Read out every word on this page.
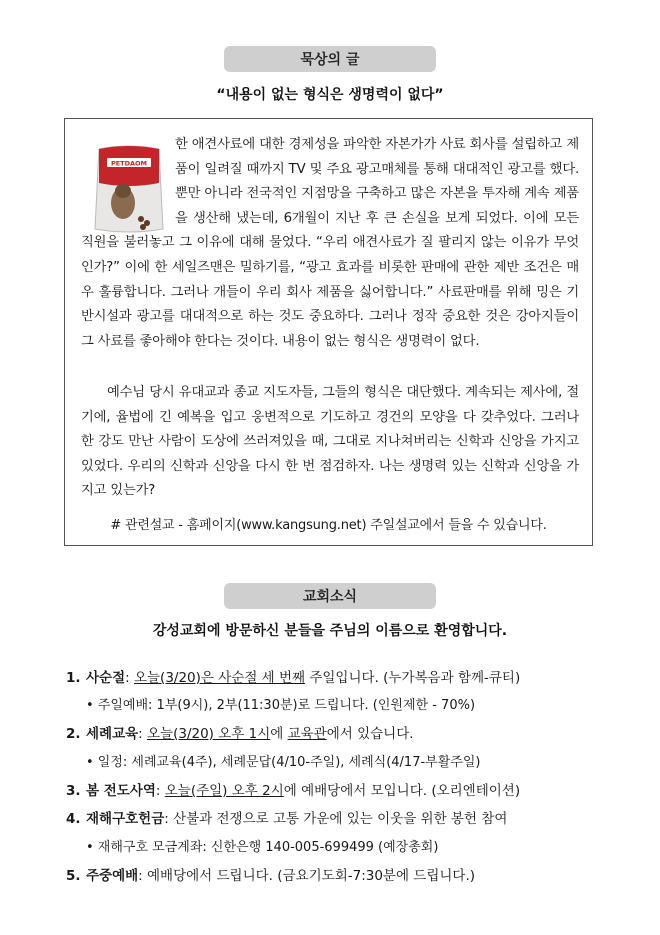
묵상의 글
“내용이 없는 형식은 생명력이 없다”
PETDAOM

한 애견사료에 대한 경제성을 파악한 자본가가 사료 회사를 설립하고 제품이 일려질 때까지 TV 및 주요 광고매체를 통해 대대적인 광고를 했다. 뿐만 아니라 전국적인 지점망을 구축하고 많은 자본을 투자해 계속 제품을 생산해 냈는데, 6개월이 지난 후 큰 손실을 보게 되었다. 이에 모든 직원을 불러놓고 그 이유에 대해 물었다. “우리 애견사료가 질 팔리지 않는 이유가 무엇인가?” 이에 한 세일즈맨은 밀하기를, “광고 효과를 비롯한 판매에 관한 제반 조건은 매우 훌륭합니다. 그러나 개들이 우리 회사 제품을 싫어합니다.” 사료판매를 위해 밍은 기반시설과 광고를 대대적으로 하는 것도 중요하다. 그러나 정작 중요한 것은 강아지들이 그 사료를 좋아해야 한다는 것이다. 내용이 없는 형식은 생명력이 없다.

예수님 당시 유대교과 종교 지도자들, 그들의 형식은 대단했다. 계속되는 제사에, 절기에, 율법에 긴 예복을 입고 웅변적으로 기도하고 경건의 모양을 다 갖추었다. 그러나 한 강도 만난 사람이 도상에 쓰러져있을 때, 그대로 지나쳐버리는 신학과 신앙을 가지고 있었다. 우리의 신학과 신앙을 다시 한 번 점검하자. 나는 생명력 있는 신학과 신앙을 가지고 있는가?

# 관련설교 - 홈페이지(www.kangsung.net) 주일설교에서 들을 수 있습니다.

교회소식
강성교회에 방문하신 분들을 주님의 이름으로 환영합니다.
1. 사순절: 오늘(3/20)은 사순절 세 번째 주일입니다. (누가복음과 함께-큐티)
• 주일예배: 1부(9시), 2부(11:30분)로 드립니다. (인원제한 - 70%)
2. 세례교육: 오늘(3/20) 오후 1시에 교육관에서 있습니다.
• 일정: 세례교육(4주), 세례문답(4/10-주일), 세례식(4/17-부활주일)
3. 봄 전도사역: 오늘(주일) 오후 2시에 예배당에서 모입니다. (오리엔테이션)
4. 재해구호헌금: 산불과 전쟁으로 고통 가운에 있는 이웃을 위한 봉헌 참여
• 재해구호 모금계좌: 신한은행 140-005-699499 (예장총회)
5. 주중예배: 예배당에서 드립니다. (금요기도회-7:30분에 드립니다.)
